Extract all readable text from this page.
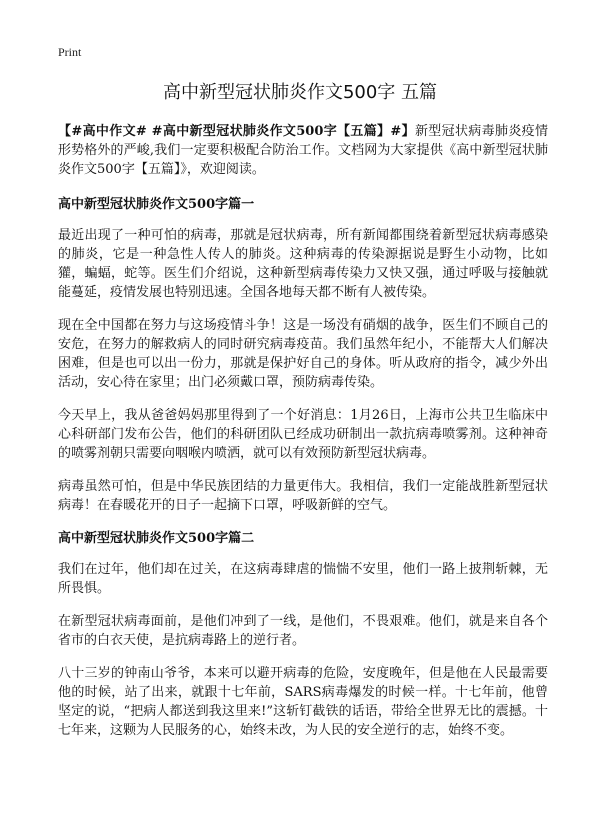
Print
高中新型冠状肺炎作文500字 五篇

【#高中作文# #高中新型冠状肺炎作文500字【五篇】#】新型冠状病毒肺炎疫情形势格外的严峻,我们一定要积极配合防治工作。文档网为大家提供《高中新型冠状肺炎作文500字【五篇】》，欢迎阅读。

高中新型冠状肺炎作文500字篇一

最近出现了一种可怕的病毒，那就是冠状病毒，所有新闻都围绕着新型冠状病毒感染的肺炎，它是一种急性人传人的肺炎。这种病毒的传染源据说是野生小动物，比如獾，蝙蝠，蛇等。医生们介绍说，这种新型病毒传染力又快又强，通过呼吸与接触就能蔓延，疫情发展也特别迅速。全国各地每天都不断有人被传染。

现在全中国都在努力与这场疫情斗争！这是一场没有硝烟的战争，医生们不顾自己的安危，在努力的解救病人的同时研究病毒疫苗。我们虽然年纪小，不能帮大人们解决困难，但是也可以出一份力，那就是保护好自己的身体。听从政府的指令，减少外出活动，安心待在家里；出门必须戴口罩，预防病毒传染。

今天早上，我从爸爸妈妈那里得到了一个好消息：1月26日，上海市公共卫生临床中心科研部门发布公告，他们的科研团队已经成功研制出一款抗病毒喷雾剂。这种神奇的喷雾剂朝只需要向咽喉内喷洒，就可以有效预防新型冠状病毒。

病毒虽然可怕，但是中华民族团结的力量更伟大。我相信，我们一定能战胜新型冠状病毒！在春暖花开的日子一起摘下口罩，呼吸新鲜的空气。

高中新型冠状肺炎作文500字篇二

我们在过年，他们却在过关，在这病毒肆虐的惴惴不安里，他们一路上披荆斩棘，无所畏惧。

在新型冠状病毒面前，是他们冲到了一线，是他们，不畏艰难。他们，就是来自各个省市的白衣天使，是抗病毒路上的逆行者。

八十三岁的钟南山爷爷，本来可以避开病毒的危险，安度晚年，但是他在人民最需要他的时候，站了出来，就跟十七年前，SARS病毒爆发的时候一样。十七年前，他曾坚定的说，“把病人都送到我这里来!”这斩钉截铁的话语，带给全世界无比的震撼。十七年来，这颗为人民服务的心，始终未改，为人民的安全逆行的志，始终不变。
